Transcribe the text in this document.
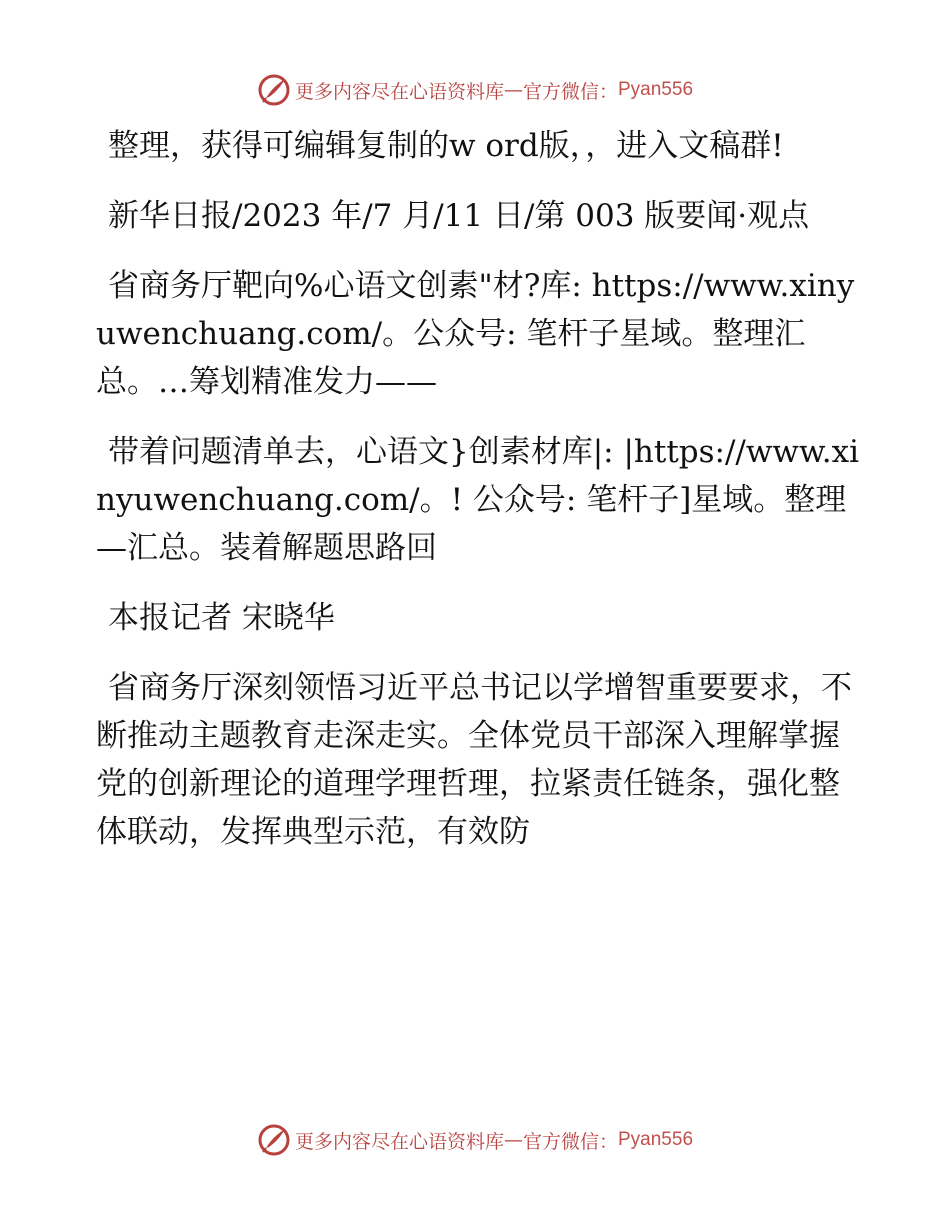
更多内容尽在心语资料库 — 官方微信： Pyan556

整理，获得可编辑复制的w ord版，，进入文稿群!

新华日报/2023 年/7 月/11 日/第 003 版要闻·观点

省商务厅靶向%心语文创素"材?库: https://www.xinyuwenchuang.com/。公众号: 笔杆子星域。整理汇总。…筹划精准发力——

带着问题清单去，心语文}创素材库|: |https://www.xinyuwenchuang.com/。! 公众号: 笔杆子]星域。整理—汇总。装着解题思路回

本报记者 宋晓华

省商务厅深刻领悟习近平总书记以学增智重要要求，不断推动主题教育走深走实。全体党员干部深入理解掌握党的创新理论的道理学理哲理，拉紧责任链条，强化整体联动，发挥典型示范，有效防

更多内容尽在心语资料库 — 官方微信： Pyan556
